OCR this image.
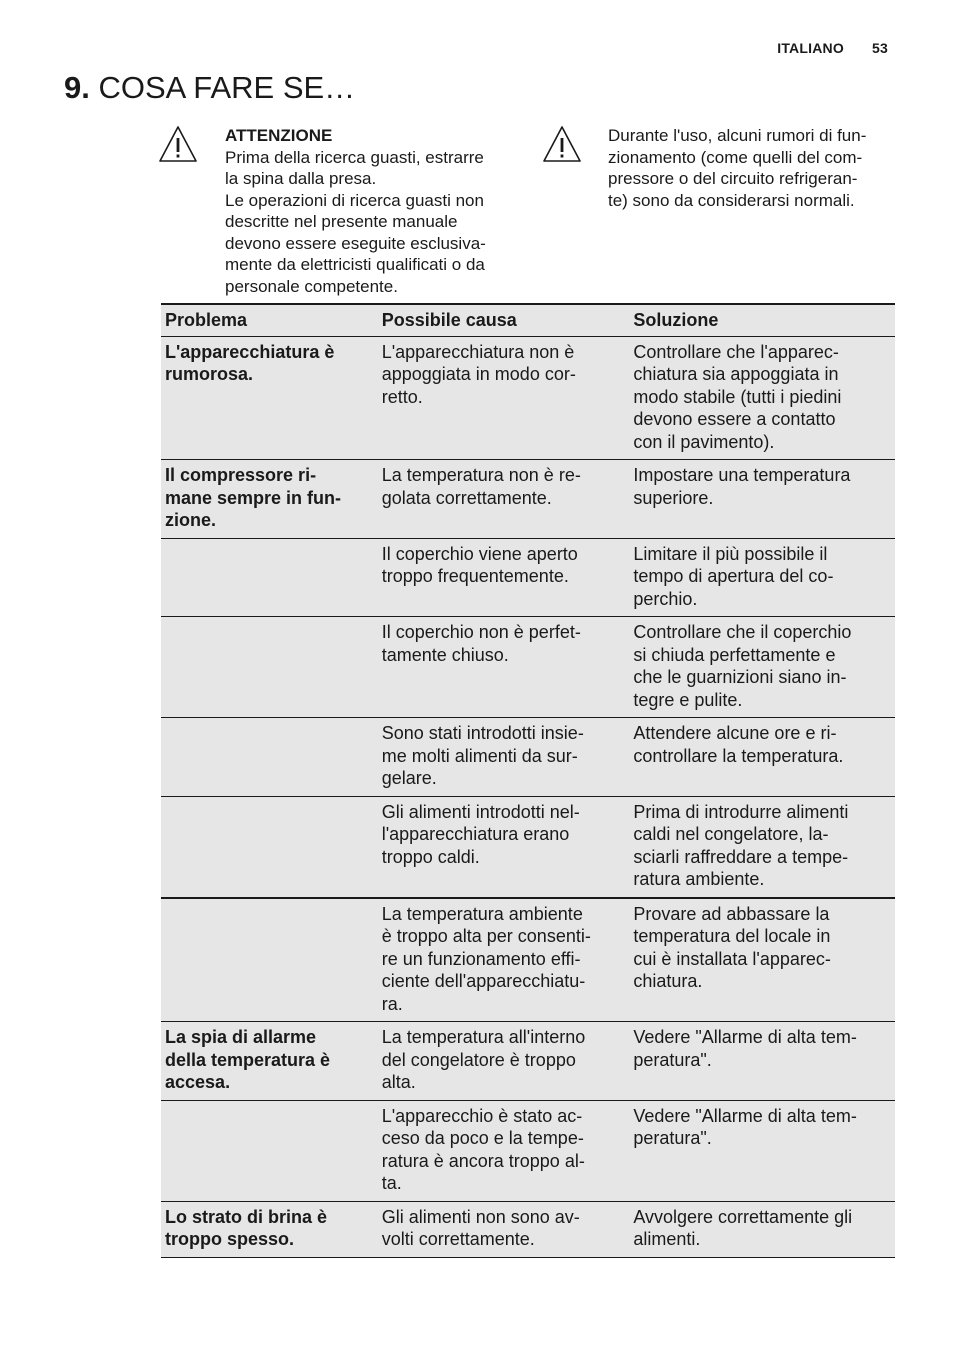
ITALIANO 53
9. COSA FARE SE…
ATTENZIONE
Prima della ricerca guasti, estrarre
la spina dalla presa.
Le operazioni di ricerca guasti non
descritte nel presente manuale
devono essere eseguite esclusiva-
mente da elettricisti qualificati o da
personale competente.
Durante l'uso, alcuni rumori di fun-
zionamento (come quelli del com-
pressore o del circuito refrigeran-
te) sono da considerarsi normali.
Problema	Possibile causa	Soluzione

L'apparecchiatura è
rumorosa.	L'apparecchiatura non è
appoggiata in modo cor-
retto.	Controllare che l'apparec-
chiatura sia appoggiata in
modo stabile (tutti i piedini
devono essere a contatto
con il pavimento).

Il compressore ri-
mane sempre in fun-
zione.	La temperatura non è re-
golata correttamente.	Impostare una temperatura
superiore.

	Il coperchio viene aperto
troppo frequentemente.	Limitare il più possibile il
tempo di apertura del co-
perchio.

	Il coperchio non è perfet-
tamente chiuso.	Controllare che il coperchio
si chiuda perfettamente e
che le guarnizioni siano in-
tegre e pulite.

	Sono stati introdotti insie-
me molti alimenti da sur-
gelare.	Attendere alcune ore e ri-
controllare la temperatura.

	Gli alimenti introdotti nel-
l'apparecchiatura erano
troppo caldi.	Prima di introdurre alimenti
caldi nel congelatore, la-
sciarli raffreddare a tempe-
ratura ambiente.

	La temperatura ambiente
è troppo alta per consenti-
re un funzionamento effi-
ciente dell'apparecchiatu-
ra.	Provare ad abbassare la
temperatura del locale in
cui è installata l'apparec-
chiatura.

La spia di allarme
della temperatura è
accesa.	La temperatura all'interno
del congelatore è troppo
alta.	Vedere "Allarme di alta tem-
peratura".

	L'apparecchio è stato ac-
ceso da poco e la tempe-
ratura è ancora troppo al-
ta.	Vedere "Allarme di alta tem-
peratura".

Lo strato di brina è
troppo spesso.	Gli alimenti non sono av-
volti correttamente.	Avvolgere correttamente gli
alimenti.
